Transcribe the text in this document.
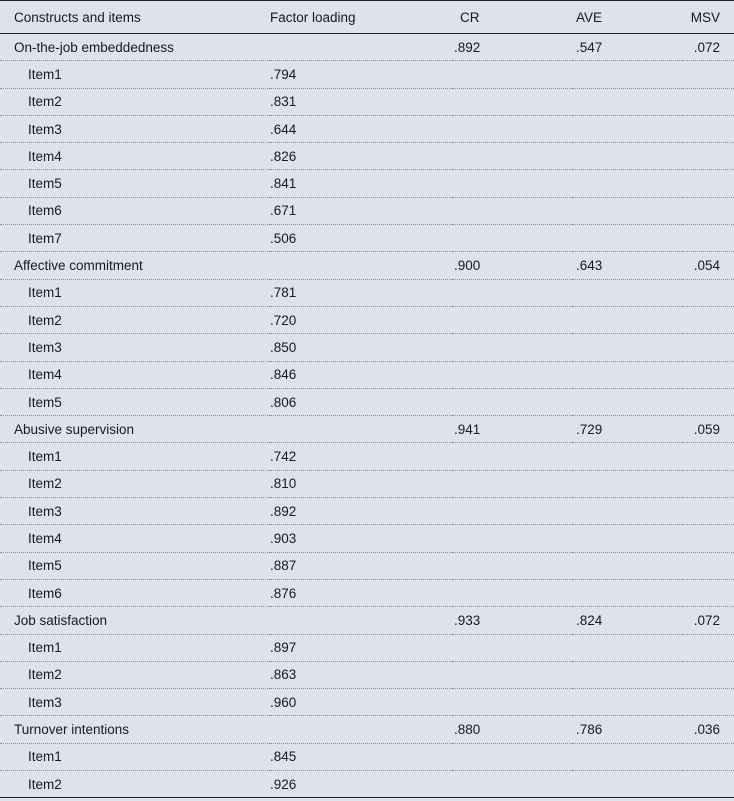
Constructs and items	Factor loading	CR	AVE	MSV
On-the-job embeddedness		.892	.547	.072
Item1	.794			
Item2	.831			
Item3	.644			
Item4	.826			
Item5	.841			
Item6	.671			
Item7	.506			
Affective commitment		.900	.643	.054
Item1	.781			
Item2	.720			
Item3	.850			
Item4	.846			
Item5	.806			
Abusive supervision		.941	.729	.059
Item1	.742			
Item2	.810			
Item3	.892			
Item4	.903			
Item5	.887			
Item6	.876			
Job satisfaction		.933	.824	.072
Item1	.897			
Item2	.863			
Item3	.960			
Turnover intentions		.880	.786	.036
Item1	.845			
Item2	.926			
